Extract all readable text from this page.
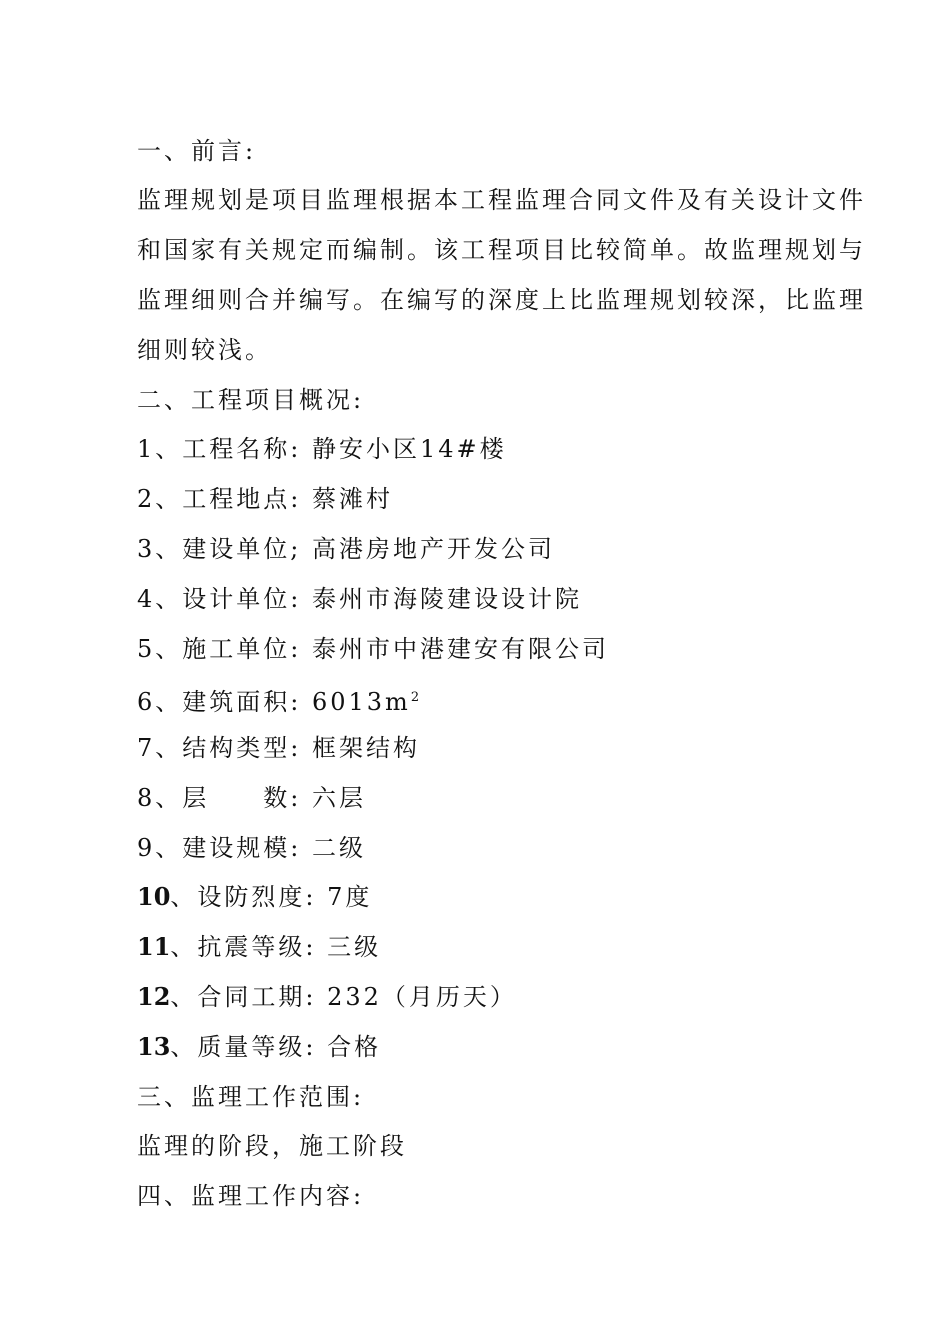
一、前言:
监理规划是项目监理根据本工程监理合同文件及有关设计文件
和国家有关规定而编制。该工程项目比较简单。故监理规划与
监理细则合并编写。在编写的深度上比监理规划较深，比监理
细则较浅。
二、工程项目概况:
1、工程名称: 静安小区14#楼
2、工程地点: 蔡滩村
3、建设单位; 高港房地产开发公司
4、设计单位: 泰州市海陵建设设计院
5、施工单位: 泰州市中港建安有限公司
6、建筑面积: $6013m^2$
7、结构类型: 框架结构
8、层　　数: 六层
9、建设规模: 二级
10、设防烈度: 7度
11、抗震等级: 三级
12、合同工期: 232（月历天）
13、质量等级: 合格
三、监理工作范围:
监理的阶段，施工阶段
四、监理工作内容:
